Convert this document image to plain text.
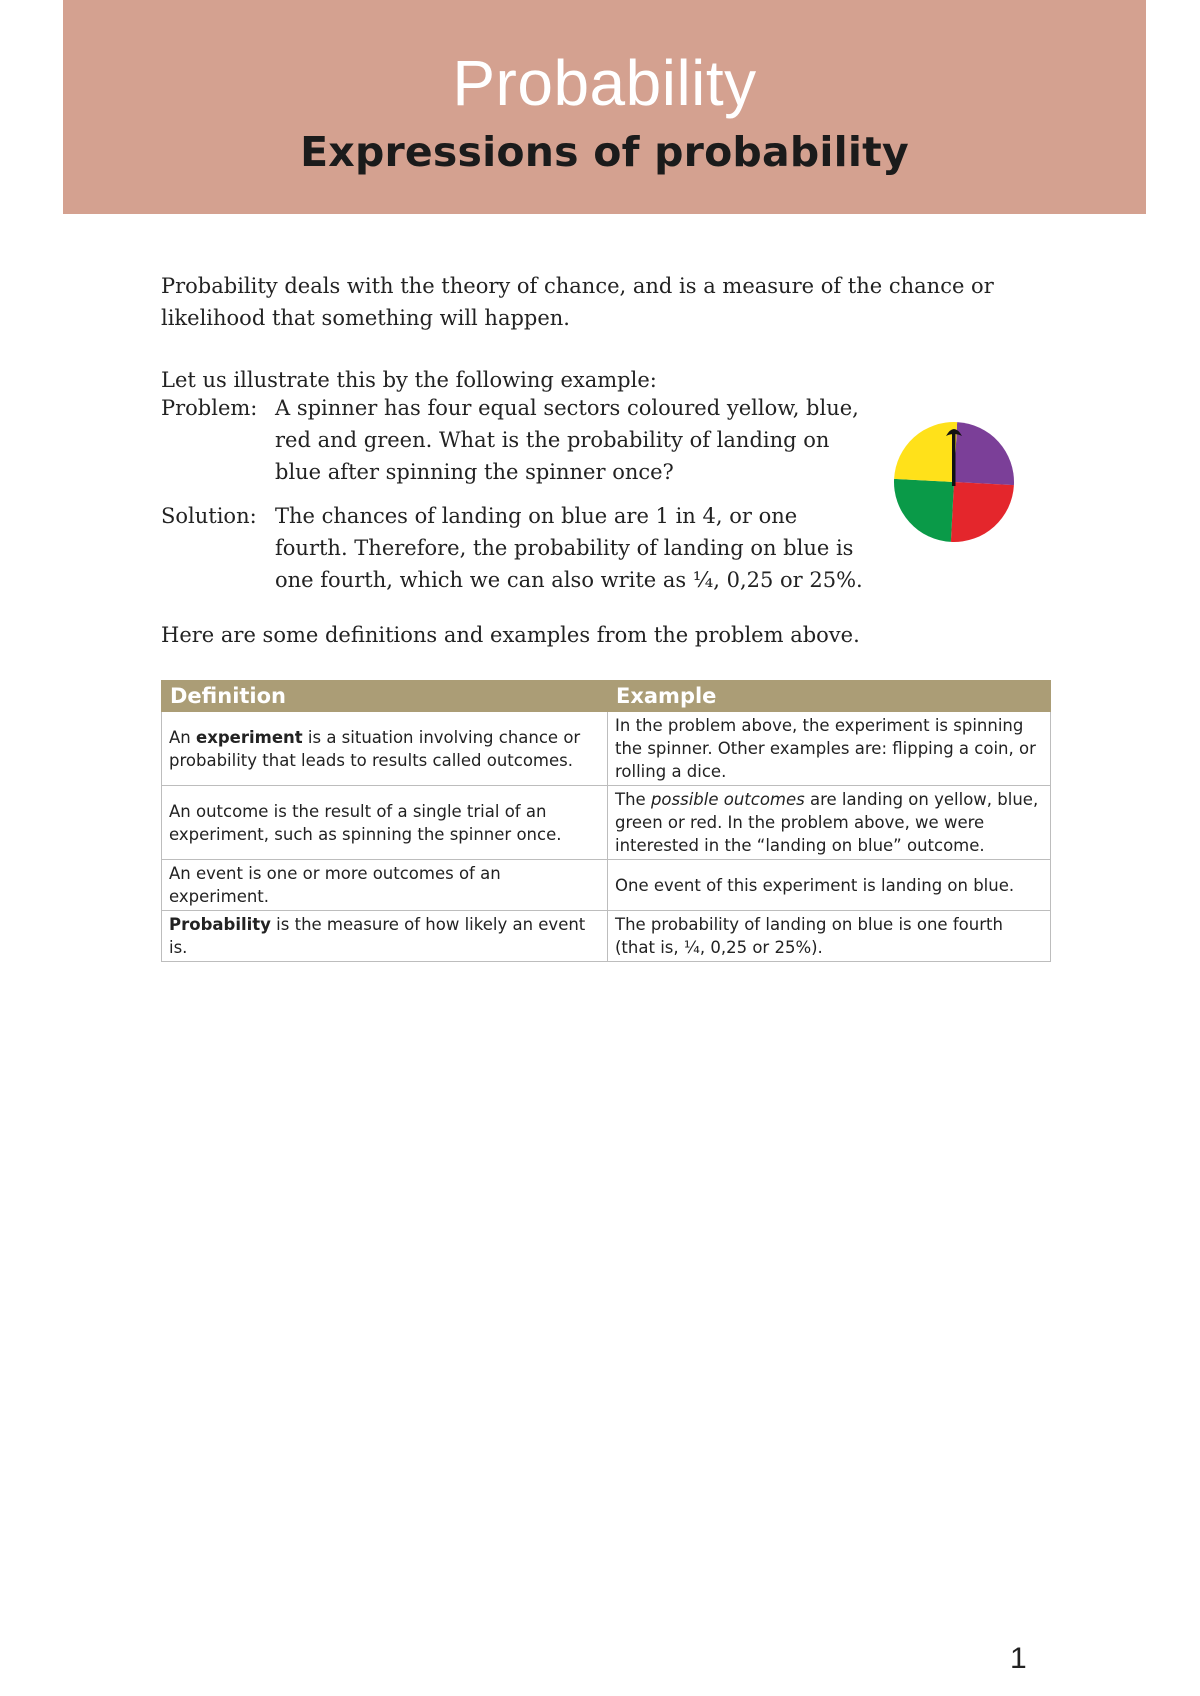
Probability
Expressions of probability
Probability deals with the theory of chance, and is a measure of the chance or likelihood that something will happen.
Let us illustrate this by the following example:
Problem: A spinner has four equal sectors coloured yellow, blue, red and green. What is the probability of landing on blue after spinning the spinner once?
Solution: The chances of landing on blue are 1 in 4, or one fourth. Therefore, the probability of landing on blue is one fourth, which we can also write as ¼, 0,25 or 25%.
Here are some definitions and examples from the problem above.
Definition	Example
An experiment is a situation involving chance or probability that leads to results called outcomes.	In the problem above, the experiment is spinning the spinner. Other examples are: flipping a coin, or rolling a dice.
An outcome is the result of a single trial of an experiment, such as spinning the spinner once.	The possible outcomes are landing on yellow, blue, green or red. In the problem above, we were interested in the “landing on blue” outcome.
An event is one or more outcomes of an experiment.	One event of this experiment is landing on blue.
Probability is the measure of how likely an event is.	The probability of landing on blue is one fourth (that is, ¼, 0,25 or 25%).
1
